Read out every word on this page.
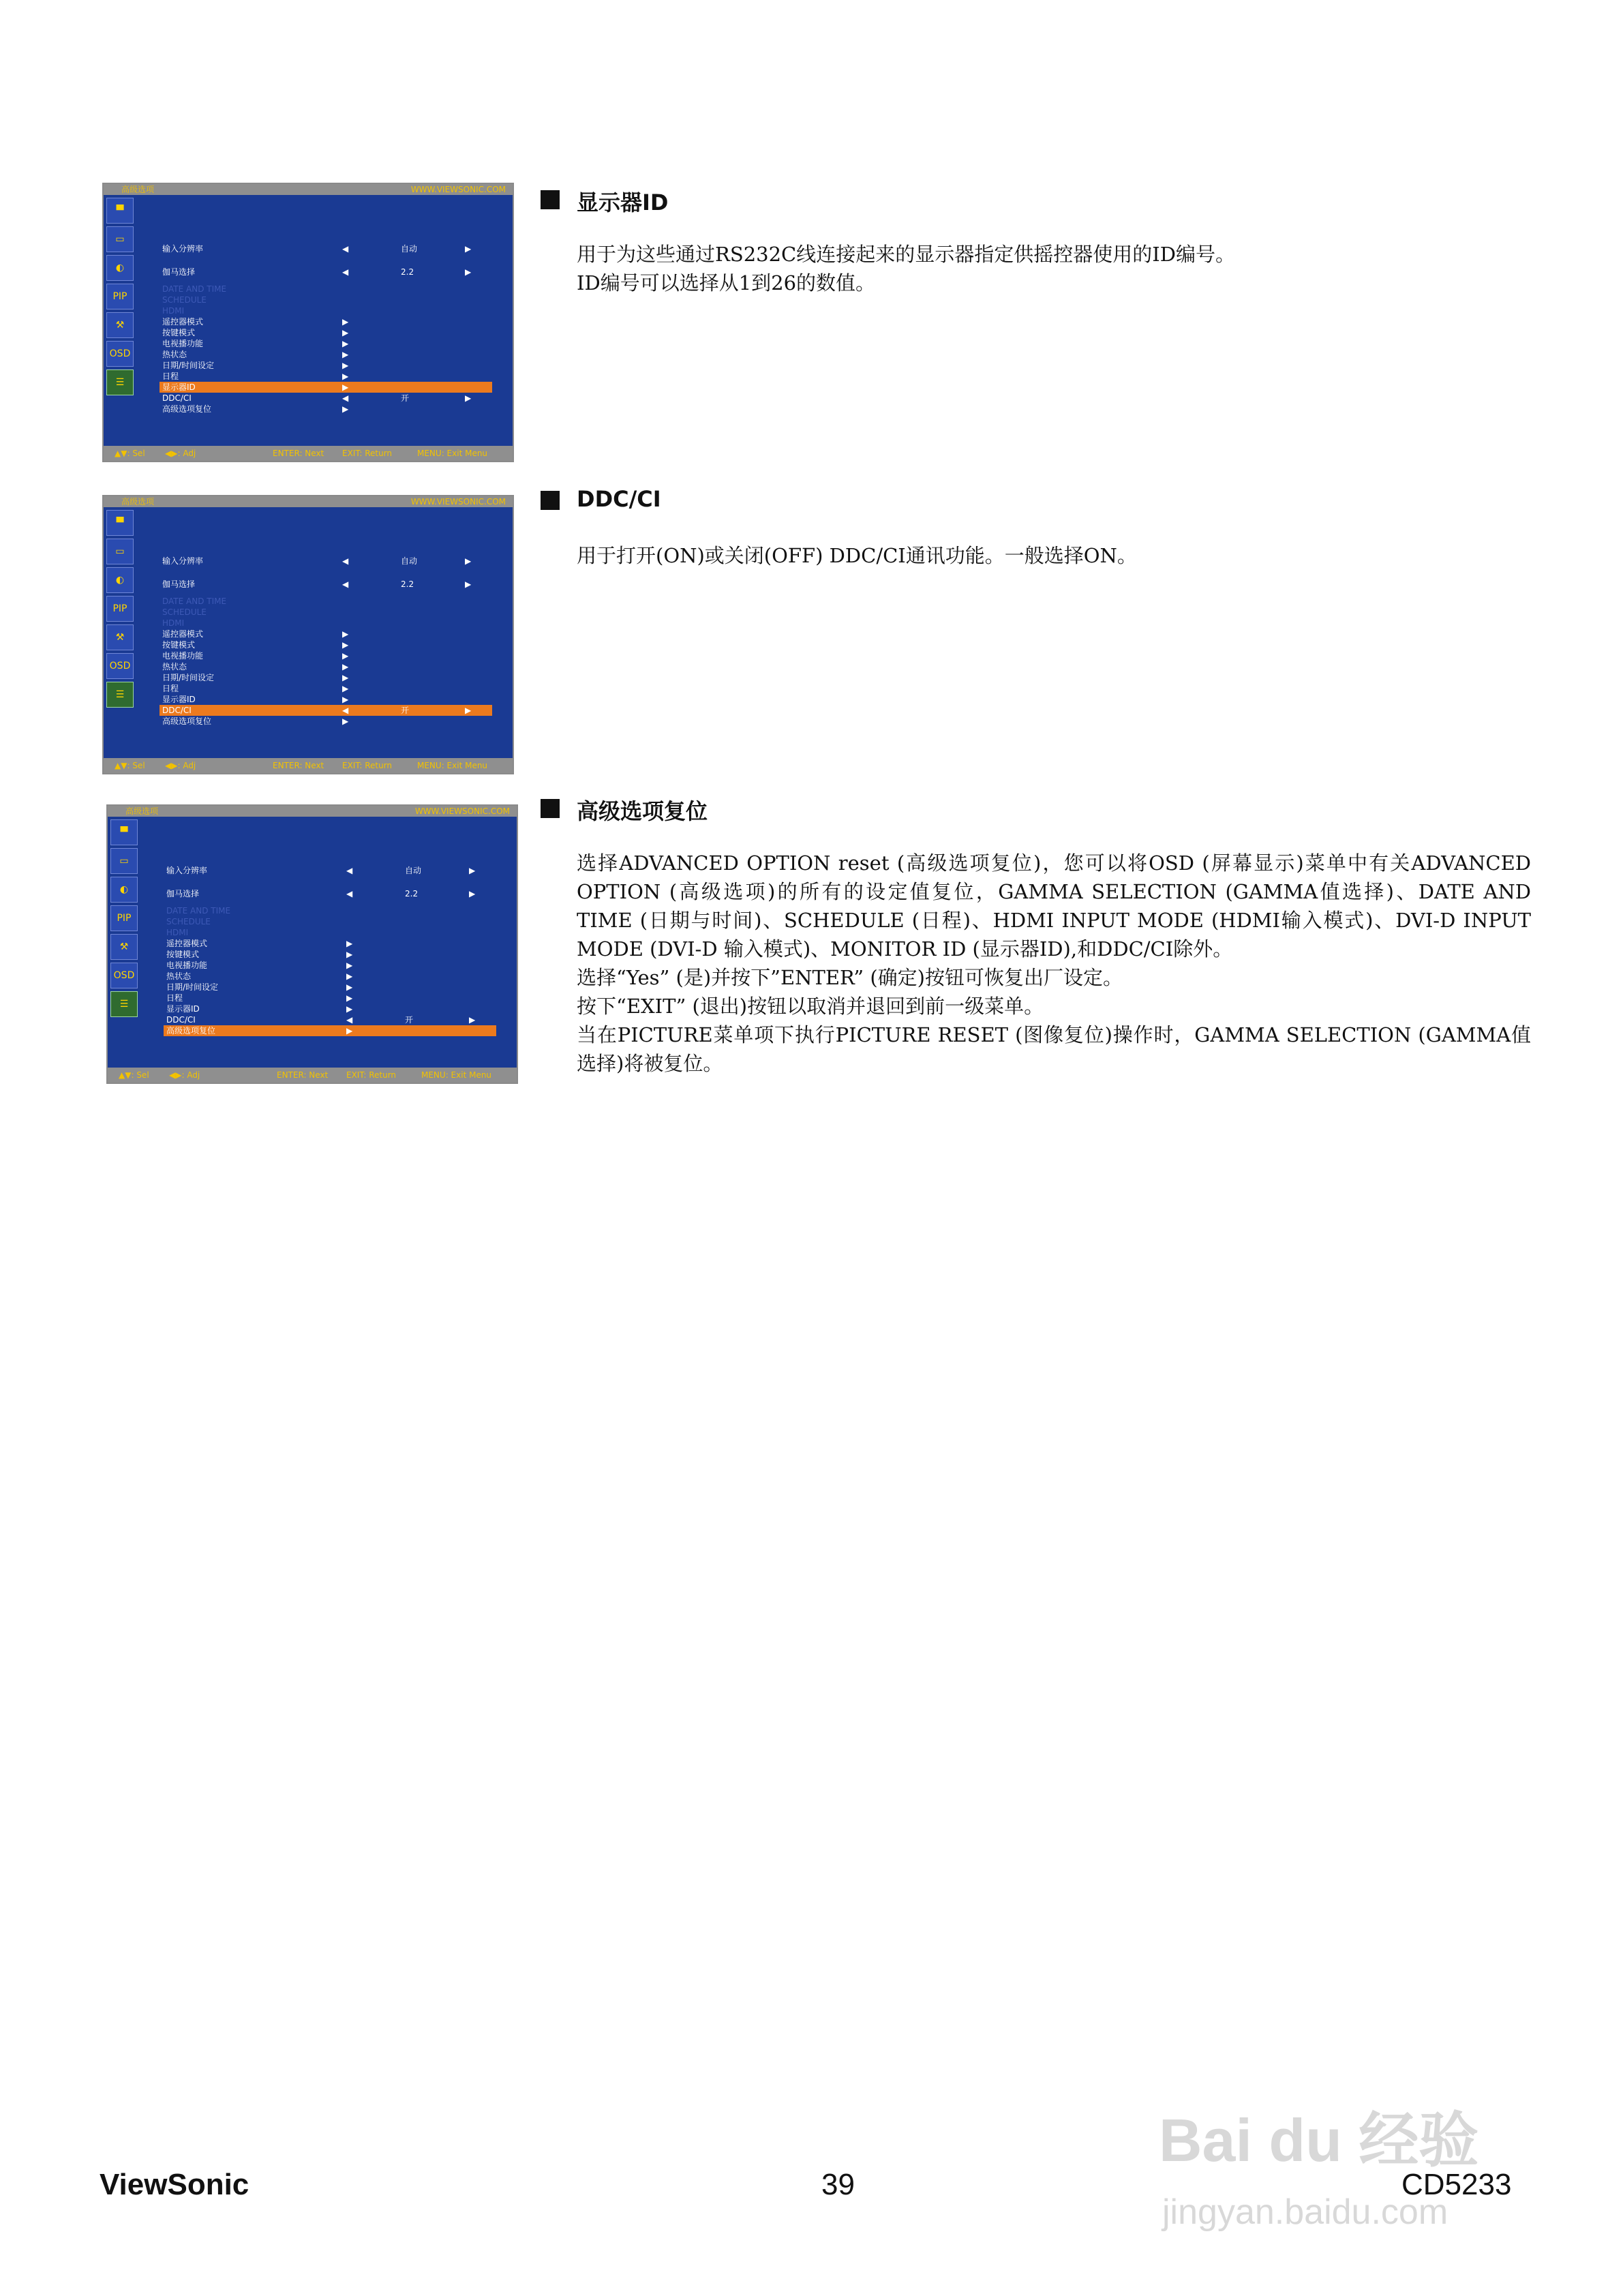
高级选项	WWW.VIEWSONIC.COM
▀
▭
◐
PIP
⚒
OSD
☰
输入分辨率	◀	自动	▶
伽马选择	◀	2.2	▶
DATE AND TIME
SCHEDULE
HDMI
遥控器模式	▶
按键模式	▶
电视播功能	▶
热状态	▶
日期/时间设定	▶
日程	▶
显示器ID	▶
DDC/CI	◀	开	▶
高级选项复位	▶
▲▼: Sel ◀▶: Adj	ENTER: Next EXIT: Return	MENU: Exit Menu
高级选项	WWW.VIEWSONIC.COM
▀
▭
◐
PIP
⚒
OSD
☰
输入分辨率	◀	自动	▶
伽马选择	◀	2.2	▶
DATE AND TIME
SCHEDULE
HDMI
遥控器模式	▶
按键模式	▶
电视播功能	▶
热状态	▶
日期/时间设定	▶
日程	▶
显示器ID	▶
DDC/CI	◀	开	▶
高级选项复位	▶
▲▼: Sel ◀▶: Adj	ENTER: Next EXIT: Return	MENU: Exit Menu
高级选项	WWW.VIEWSONIC.COM
▀
▭
◐
PIP
⚒
OSD
☰
输入分辨率	◀	自动	▶
伽马选择	◀	2.2	▶
DATE AND TIME
SCHEDULE
HDMI
遥控器模式	▶
按键模式	▶
电视播功能	▶
热状态	▶
日期/时间设定	▶
日程	▶
显示器ID	▶
DDC/CI	◀	开	▶
高级选项复位	▶
▲▼: Sel ◀▶: Adj	ENTER: Next EXIT: Return	MENU: Exit Menu
显示器ID

用于为这些通过RS232C线连接起来的显示器指定供摇控器使用的ID编号。

ID编号可以选择从1到26的数值。

DDC/CI

用于打开(ON)或关闭(OFF) DDC/CI通讯功能。一般选择ON。

高级选项复位

选择ADVANCED OPTION reset (高级选项复位)，您可以将OSD (屏幕显示)菜单中有关ADVANCED OPTION (高级选项)的所有的设定值复位，GAMMA SELECTION (GAMMA值选择)、DATE AND TIME (日期与时间)、SCHEDULE (日程)、HDMI INPUT MODE (HDMI输入模式)、DVI-D INPUT MODE (DVI-D 输入模式)、MONITOR ID (显示器ID),和DDC/CI除外。

选择“Yes” (是)并按下”ENTER” (确定)按钮可恢复出厂设定。

按下“EXIT” (退出)按钮以取消并退回到前一级菜单。

当在PICTURE菜单项下执行PICTURE RESET (图像复位)操作时，GAMMA SELECTION (GAMMA值选择)将被复位。

ViewSonic	39	CD5233
Bai du 经验
jingyan.baidu.com
